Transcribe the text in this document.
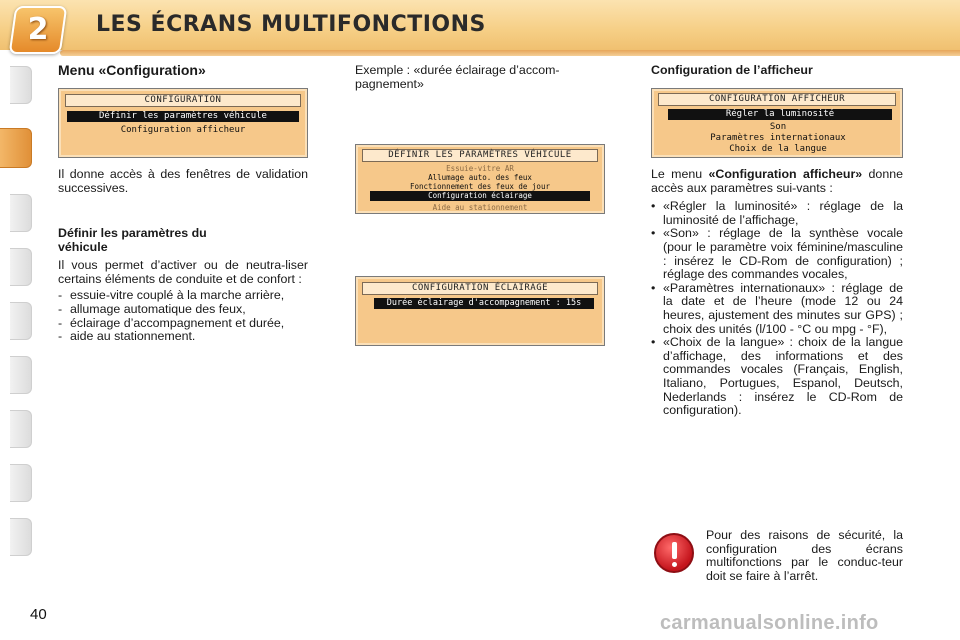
2	LES ÉCRANS MULTIFONCTIONS

Menu «Configuration»

CONFIGURATION
Définir les paramètres véhicule
Configuration afficheur

Il donne accès à des fenêtres de validation successives.

Définir les paramètres du véhicule

Il vous permet d’activer ou de neutra-liser certains éléments de conduite et de confort :

- essuie-vitre couplé à la marche arrière,
- allumage automatique des feux,
- éclairage d’accompagnement et durée,
- aide au stationnement.

Exemple : «durée éclairage d’accom-pagnement»

DÉFINIR LES PARAMÈTRES VÉHICULE
Essuie-vitre AR
Allumage auto. des feux
Fonctionnement des feux de jour
Configuration éclairage
Aide au stationnement
CONFIGURATION ÉCLAIRAGE
Durée éclairage d'accompagnement : 15s

Configuration de l’afficheur

CONFIGURATION AFFICHEUR
Régler la luminosité
Son
Paramètres internationaux
Choix de la langue

Le menu «Configuration afficheur» donne accès aux paramètres sui-vants :

• «Régler la luminosité» : réglage de la luminosité de l’affichage,
• «Son» : réglage de la synthèse vocale (pour le paramètre voix féminine/masculine : insérez le CD-Rom de configuration) ; réglage des commandes vocales,
• «Paramètres internationaux» : réglage de la date et de l’heure (mode 12 ou 24 heures, ajustement des minutes sur GPS) ; choix des unités (l/100 - °C ou mpg - °F),
• «Choix de la langue» : choix de la langue d’affichage, des informations et des commandes vocales (Français, English, Italiano, Portugues, Espanol, Deutsch, Nederlands : insérez le CD-Rom de configuration).

Pour des raisons de sécurité, la configuration des écrans multifonctions par le conduc-teur doit se faire à l’arrêt.

40	carmanualsonline.info
